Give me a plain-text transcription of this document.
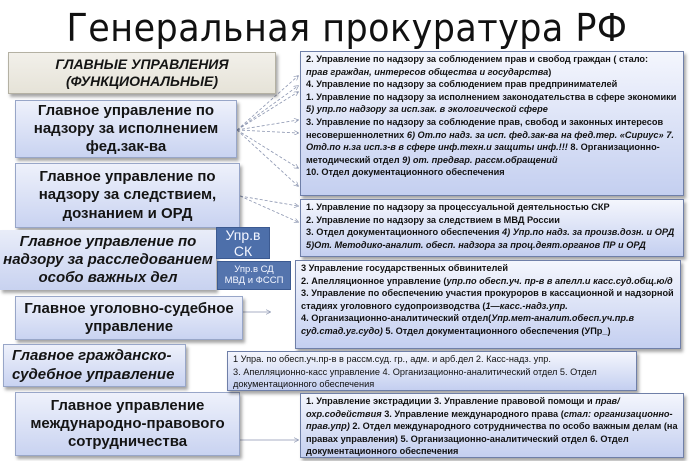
Генеральная прокуратура РФ
ГЛАВНЫЕ УПРАВЛЕНИЯ
(ФУНКЦИОНАЛЬНЫЕ)
Главное управление по
надзору за исполнением
фед.зак-ва
Главное управление по
надзору за следствием,
дознанием и ОРД
Главное управление по
надзору за расследованием
особо важных дел
Упр.в
СК
Упр.в СД
МВД и ФССП
Главное уголовно-судебное
управление
Главное гражданско-
судебное управление
Главное управление
международно-правового
сотрудничества
2. Управление по надзору за соблюдением прав и свобод граждан ( стало:
прав граждан, интересов общества и государства)
4. Управление по надзору за соблюдением прав предпринимателей
1. Управление по надзору за исполнением законодательства в сфере экономики
5) упр.по надзору за исп.зак. в экологической сфере
3. Управление по надзору за соблюдение прав, свобод и законных интересов несовершеннолетних 6) От.по надз. за исп. фед.зак-ва на фед.тер. «Сириус» 7. Отд.по н.за исп.з-в в сфере инф.техн.и защиты инф.!!! 8. Организационно-методический отдел 9) от. предвар. рассм.обращений
10. Отдел документационного обеспечения
1. Управление по надзору за процессуальной деятельностью СКР
2. Управление по надзору за следствием в МВД России
3. Отдел документационного обеспечения 4) Упр.по надз. за произв.дозн. и ОРД 5)От. Методико-аналит. обесп. надзора за проц.деят.органов ПР и ОРД
3 Управление государственных обвинителей
2. Апелляционное управление (упр.по обесп.уч. пр-в в апелл.и касс.суд.общ.ю/д
3. Управление по обеспечению участия прокуроров в кассационной и надзорной стадиях уголовного судопроизводства (1—касс.-надз.упр.
4. Организационно-аналитический отдел(Упр.мет-аналит.обесп.уч.пр.в суд.стад.уг.судо) 5. Отдел документационного обеспечения (УПр_)
1 Упра. по обесп.уч.пр-в в рассм.суд. гр., адм. и арб.дел 2. Касс-надз. упр.
3. Апелляционно-касс управление 4. Организационно-аналитический отдел 5. Отдел документационного обеспечения
1. Управление экстрадиции 3. Управление правовой помощи и прав/охр.содействия 3. Управление международного права (стал: организационно-прав.упр) 2. Отдел международного сотрудничества по особо важным делам (на правах управления) 5. Организационно-аналитический отдел 6. Отдел документационного обеспечения
